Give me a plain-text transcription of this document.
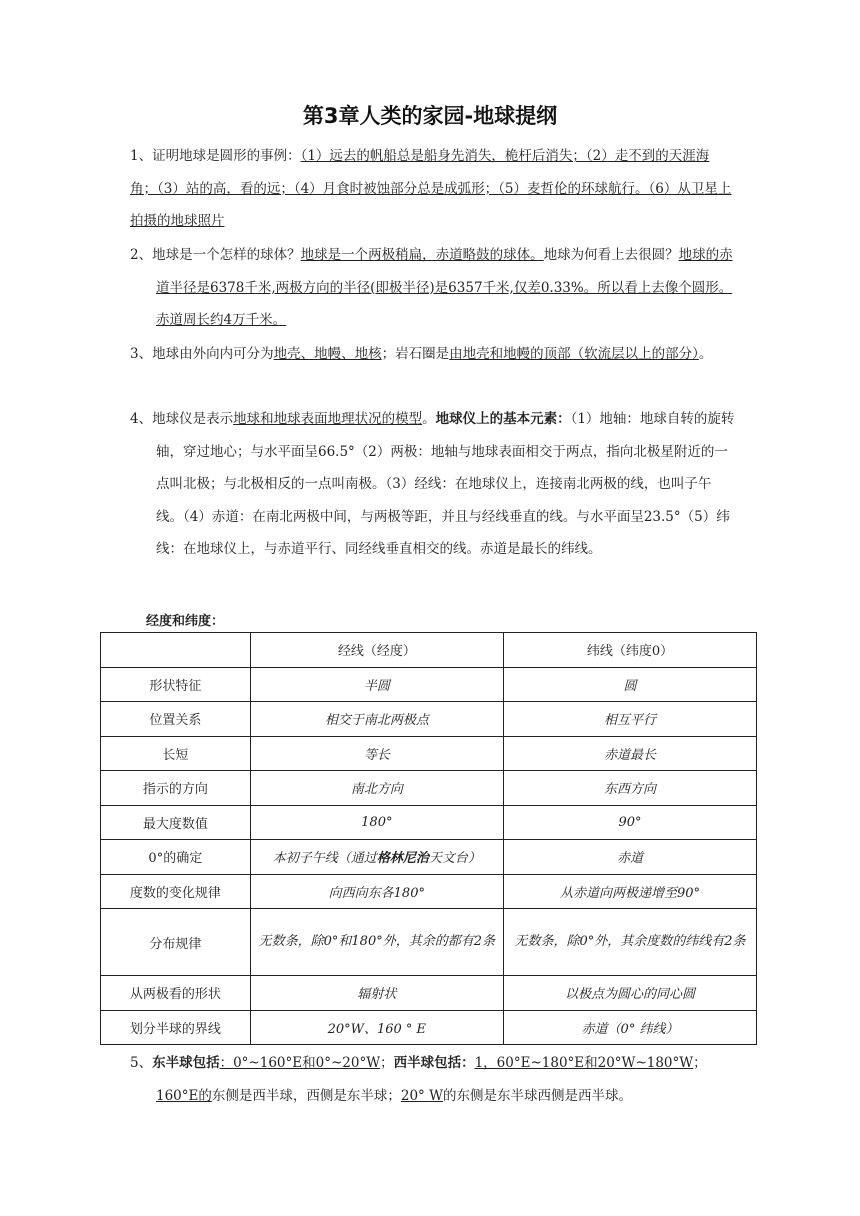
第3章人类的家园-地球提纲

1、证明地球是圆形的事例：（1）远去的帆船总是船身先消失，桅杆后消失；（2）走不到的天涯海角；（3）站的高，看的远；（4）月食时被蚀部分总是成弧形；（5）麦哲伦的环球航行。（6）从卫星上拍摄的地球照片

2、地球是一个怎样的球体？地球是一个两极稍扁，赤道略鼓的球体。地球为何看上去很圆？地球的赤道半径是6378千米,两极方向的半径(即极半径)是6357千米,仅差0.33%。所以看上去像个圆形。赤道周长约4万千米。

3、地球由外向内可分为地壳、地幔、地核；岩石圈是由地壳和地幔的顶部（软流层以上的部分）。

4、地球仪是表示地球和地球表面地理状况的模型。地球仪上的基本元素：（1）地轴：地球自转的旋转轴，穿过地心；与水平面呈66.5°（2）两极：地轴与地球表面相交于两点，指向北极星附近的一点叫北极；与北极相反的一点叫南极。（3）经线：在地球仪上，连接南北两极的线，也叫子午线。（4）赤道：在南北两极中间，与两极等距，并且与经线垂直的线。与水平面呈23.5°（5）纬线：在地球仪上，与赤道平行、同经线垂直相交的线。赤道是最长的纬线。

经度和纬度：
	经线（经度）	纬线（纬度0）
形状特征	半圆	圆
位置关系	相交于南北两极点	相互平行
长短	等长	赤道最长
指示的方向	南北方向	东西方向
最大度数值	180°	90°
0°的确定	本初子午线（通过格林尼治天文台）	赤道
度数的变化规律	向西向东各180°	从赤道向两极递增至90°
分布规律	无数条，除0°和180°外，其余的都有2条	无数条，除0°外，其余度数的纬线有2条
从两极看的形状	辐射状	以极点为圆心的同心圆
划分半球的界线	20°W、160 ° E	赤道（0° 纬线）

5、东半球包括：0°~160°E和0°~20°W；西半球包括：1，60°E~180°E和20°W~180°W；160°E的东侧是西半球，西侧是东半球；20° W的东侧是东半球西侧是西半球。
